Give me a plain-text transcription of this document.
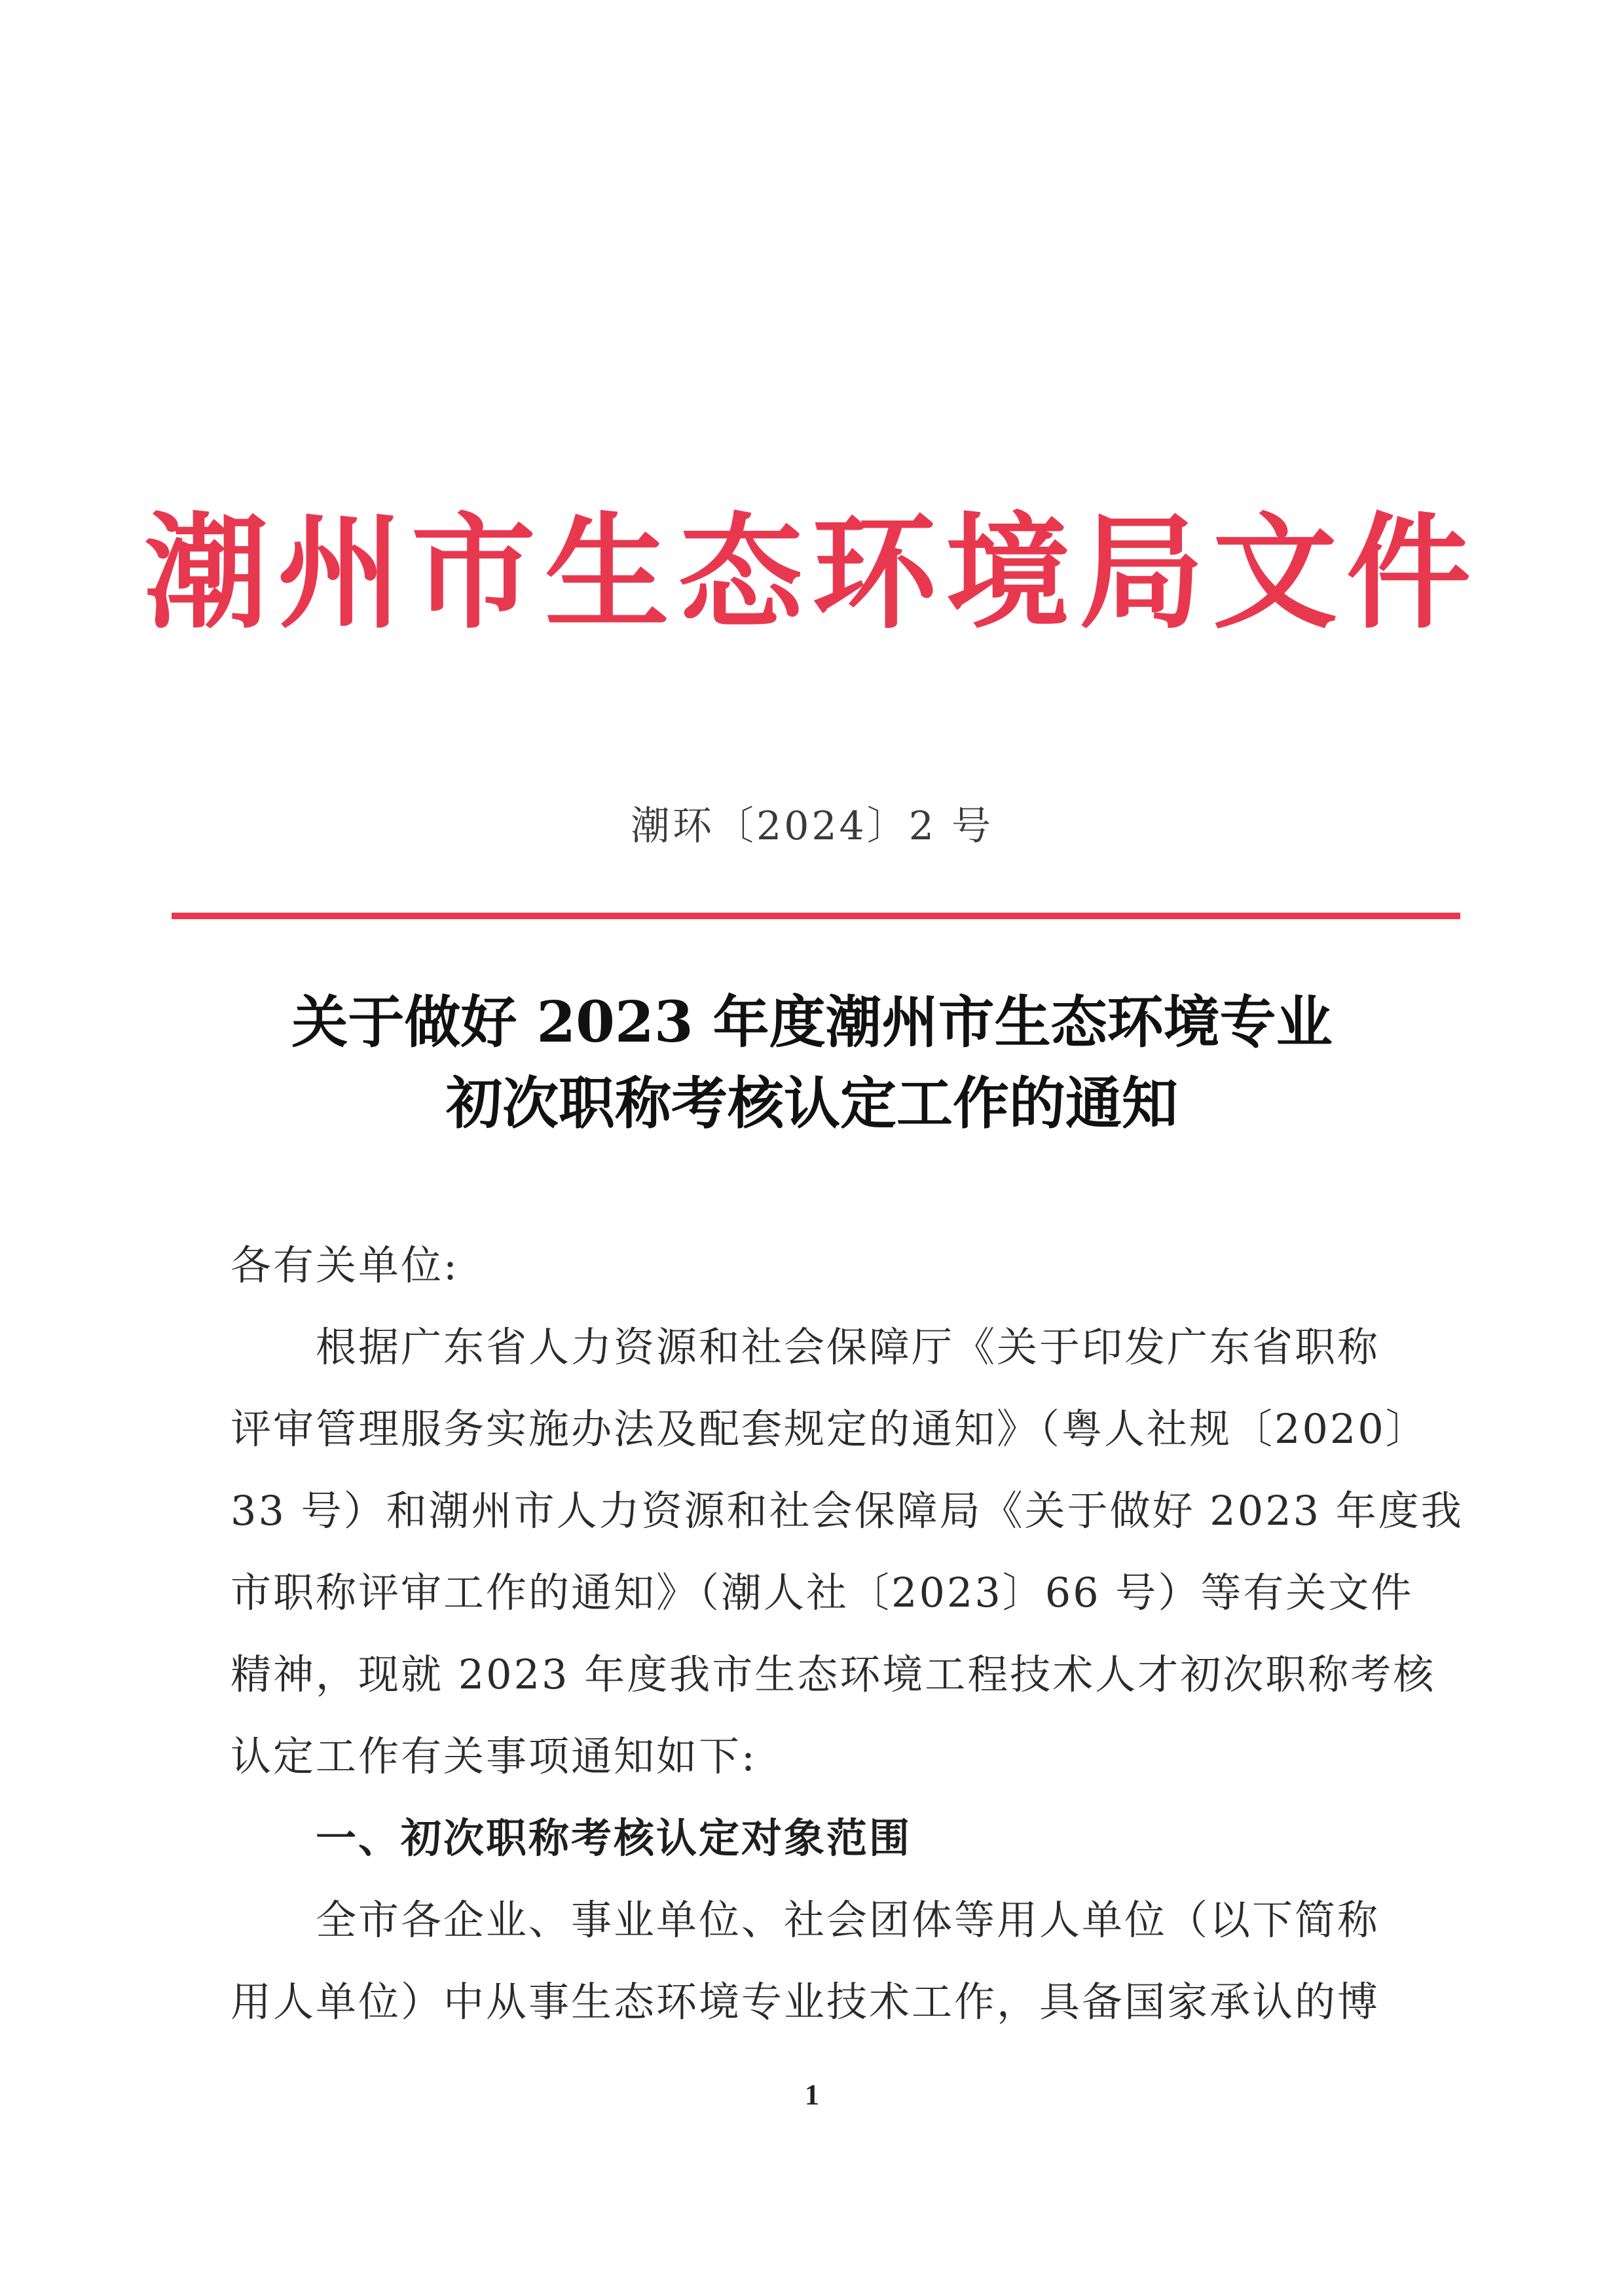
潮州市生态环境局文件
潮环〔2024〕2 号
关于做好 2023 年度潮州市生态环境专业
初次职称考核认定工作的通知

各有关单位:

根据广东省人力资源和社会保障厅《关于印发广东省职称

评审管理服务实施办法及配套规定的通知》（粤人社规〔2020〕

33 号）和潮州市人力资源和社会保障局《关于做好 2023 年度我

市职称评审工作的通知》（潮人社〔2023〕66 号）等有关文件

精神，现就 2023 年度我市生态环境工程技术人才初次职称考核

认定工作有关事项通知如下:

一、初次职称考核认定对象范围

全市各企业、事业单位、社会团体等用人单位（以下简称

用人单位）中从事生态环境专业技术工作，具备国家承认的博

1
